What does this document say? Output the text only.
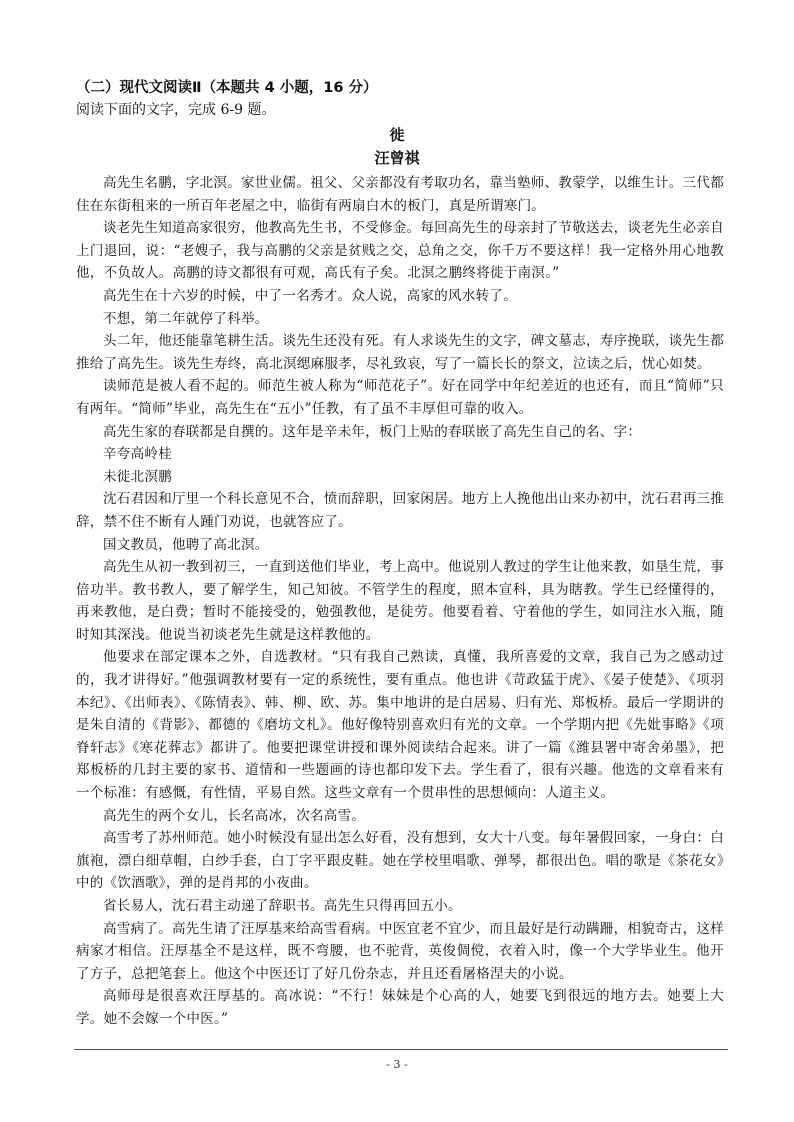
（二）现代文阅读Ⅱ（本题共 4 小题，16 分）
阅读下面的文字，完成 6-9 题。
徙
汪曾祺

高先生名鹏，字北溟。家世业儒。祖父、父亲都没有考取功名，靠当塾师、教蒙学，以维生计。三代都住在东街租来的一所百年老屋之中，临街有两扇白木的板门，真是所谓寒门。

谈老先生知道高家很穷，他教高先生书，不受修金。每回高先生的母亲封了节敬送去，谈老先生必亲自上门退回，说：“老嫂子，我与高鹏的父亲是贫贱之交，总角之交，你千万不要这样！我一定格外用心地教他，不负故人。高鹏的诗文都很有可观，高氏有子矣。北溟之鹏终将徙于南溟。”

高先生在十六岁的时候，中了一名秀才。众人说，高家的风水转了。

不想，第二年就停了科举。

头二年，他还能靠笔耕生活。谈先生还没有死。有人求谈先生的文字，碑文墓志，寿序挽联，谈先生都推给了高先生。谈先生寿终，高北溟缌麻服孝，尽礼致哀，写了一篇长长的祭文，泣读之后，忧心如焚。

读师范是被人看不起的。师范生被人称为“师范花子”。好在同学中年纪差近的也还有，而且“简师”只有两年。“简师”毕业，高先生在“五小”任教，有了虽不丰厚但可靠的收入。

高先生家的春联都是自撰的。这年是辛未年，板门上贴的春联嵌了高先生自己的名、字：

辛夸高岭桂

未徙北溟鹏

沈石君因和厅里一个科长意见不合，愤而辞职，回家闲居。地方上人挽他出山来办初中，沈石君再三推辞，禁不住不断有人踵门劝说，也就答应了。

国文教员，他聘了高北溟。

高先生从初一教到初三，一直到送他们毕业，考上高中。他说别人教过的学生让他来教，如垦生荒，事倍功半。教书教人，要了解学生，知己知彼。不管学生的程度，照本宣科，具为瞎教。学生已经懂得的，再来教他，是白费；暂时不能接受的，勉强教他，是徒劳。他要看着、守着他的学生，如同注水入瓶，随时知其深浅。他说当初谈老先生就是这样教他的。

他要求在部定课本之外，自选教材。“只有我自己熟读，真懂，我所喜爱的文章，我自己为之感动过的，我才讲得好。”他强调教材要有一定的系统性，要有重点。他也讲《苛政猛于虎》、《晏子使楚》、《项羽本纪》、《出师表》、《陈情表》、韩、柳、欧、苏。集中地讲的是白居易、归有光、郑板桥。最后一学期讲的是朱自清的《背影》、都德的《磨坊文札》。他好像特别喜欢归有光的文章。一个学期内把《先妣事略》《项脊轩志》《寒花葬志》都讲了。他要把课堂讲授和课外阅读结合起来。讲了一篇《潍县署中寄舍弟墨》，把郑板桥的几封主要的家书、道情和一些题画的诗也都印发下去。学生看了，很有兴趣。他选的文章看来有一个标准：有感慨，有性情，平易自然。这些文章有一个贯串性的思想倾向：人道主义。

高先生的两个女儿，长名高冰，次名高雪。

高雪考了苏州师范。她小时候没有显出怎么好看，没有想到，女大十八变。每年暑假回家，一身白：白旗袍，漂白细草帽，白纱手套，白丁字平跟皮鞋。她在学校里唱歌、弹琴，都很出色。唱的歌是《茶花女》中的《饮酒歌》，弹的是肖邦的小夜曲。

省长易人，沈石君主动递了辞职书。高先生只得再回五小。

高雪病了。高先生请了汪厚基来给高雪看病。中医宜老不宜少，而且最好是行动蹒跚，相貌奇古，这样病家才相信。汪厚基全不是这样，既不弯腰，也不驼背，英俊倜傥，衣着入时，像一个大学毕业生。他开了方子，总把笔套上。他这个中医还订了好几份杂志，并且还看屠格涅夫的小说。

高师母是很喜欢汪厚基的。高冰说：“不行！妹妹是个心高的人，她要飞到很远的地方去。她要上大学。她不会嫁一个中医。”

- 3 -
